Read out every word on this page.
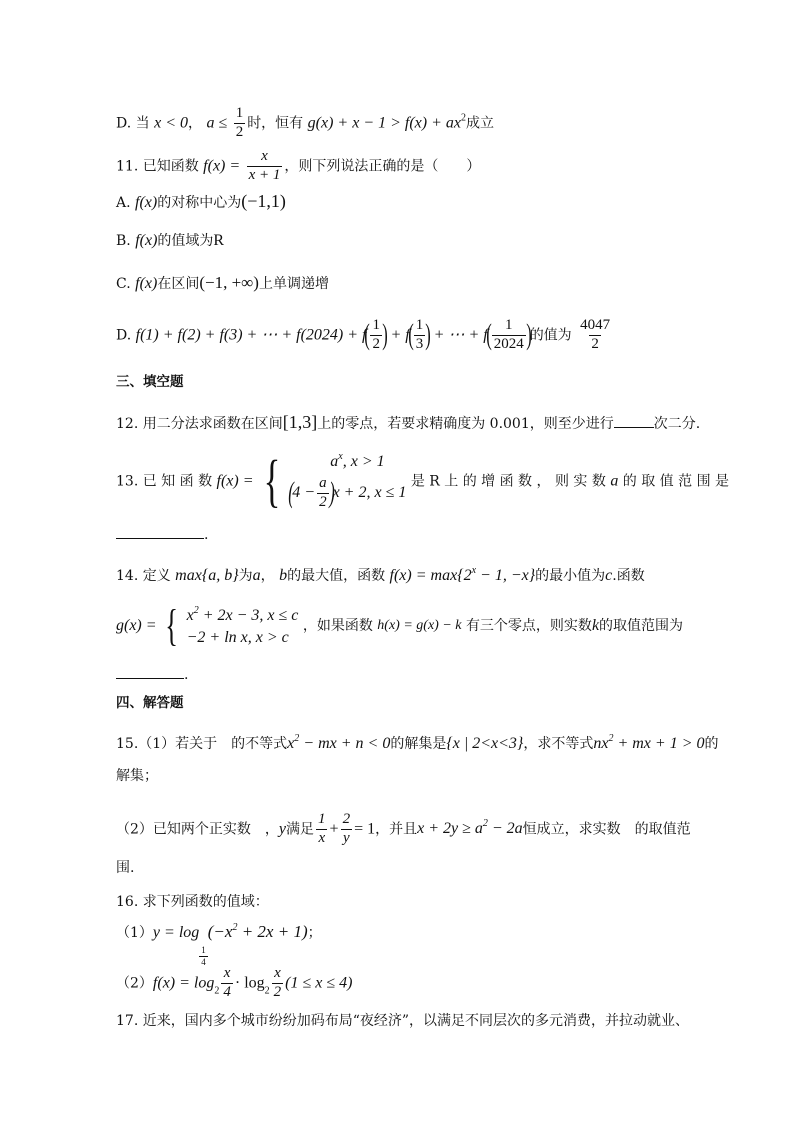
D. 当 x < 0， $a \le \frac{1}{2}$ 时，恒有 $g(x) + x - 1 > f(x) + ax^2$成立
11. 已知函数 $f(x) = \frac{x}{x + 1}$ ，则下列说法正确的是（　　）
A. f(x)的对称中心为(−1,1)
B. f(x)的值域为R
C. f(x)在区间(−1, +∞)上单调递增
D. f(1) + f(2) + f(3) + ⋯ + $f(2024) + f( \frac{1}{2}$ ) + $f( \frac{1}{3}$ ) + ⋯ + $f( \frac{1}{2024}$ )的值为 $\frac{4047}{2}$
三、填空题
12. 用二分法求函数在区间[1,3]上的零点，若要求精确度为 0.001，则至少进行	次二分.
13. 已 知 函 数 f(x) = {	$a^x$, x > 1
$(4 - \frac{a}{2} )x + 2$, x ≤ 1
是 R 上 的 增 函 数 ， 则 实 数 a 的 取 值 范 围 是
.
14. 定义 max{a, b}为a， b的最大值，函数 $f(x) = \max\{2^x - 1$, −x}的最小值为c.函数
g(x) = { $x^2 + 2x - 3$, x ≤ c
−2 + ln x, x > c
，如果函数 h(x) = g(x) − k 有三个零点，则实数k的取值范围为
.
四、解答题
15.（1）若关于　的不等式$x^2$ − mx + n < 0的解集是{x | 2<x<3}，求不等式$nx^2$ + mx + 1 > 0的
解集；
（2）已知两个正实数　，y满足 $\frac{1}{x} + \frac{2}{y} = 1$，并且$x + 2y \ge a^2 - 2a$恒成立，求实数　的取值范
围.
16. 求下列函数的值域：
（1）y = log
$\frac{1}{4}$
$(-x^2 + 2x + 1)$；
$(2)f(x) = \log_2 \frac{x}{4} \cdot \log_2 \frac{x}{2} (1 \le x \le 4)$
17. 近来，国内多个城市纷纷加码布局“夜经济”，以满足不同层次的多元消费，并拉动就业、
